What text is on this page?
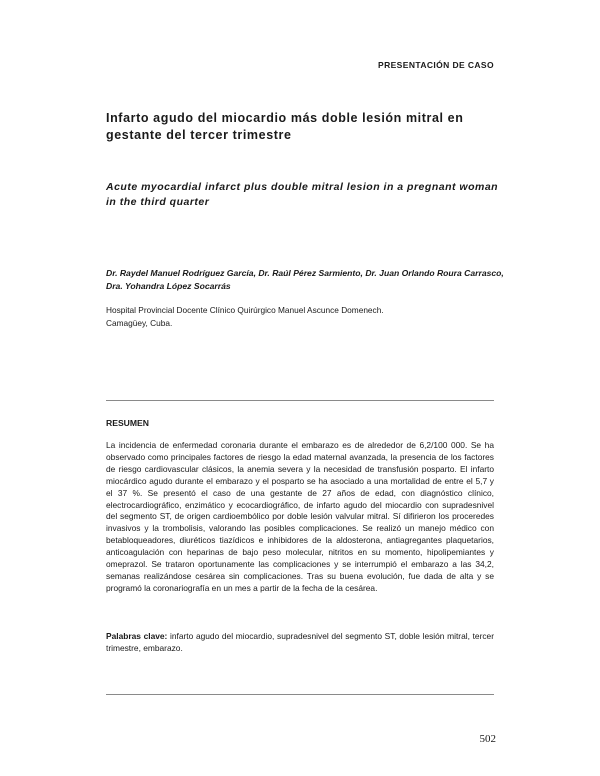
PRESENTACIÓN DE CASO
Infarto agudo del miocardio más doble lesión mitral en gestante del tercer trimestre
Acute myocardial infarct plus double mitral lesion in a pregnant woman in the third quarter
Dr. Raydel Manuel Rodríguez García, Dr. Raúl Pérez Sarmiento, Dr. Juan Orlando Roura Carrasco, Dra. Yohandra López Socarrás
Hospital Provincial Docente Clínico Quirúrgico Manuel Ascunce Domenech.
Camagüey, Cuba.
RESUMEN
La incidencia de enfermedad coronaria durante el embarazo es de alrededor de 6,2/100 000. Se ha observado como principales factores de riesgo la edad maternal avanzada, la presencia de los factores de riesgo cardiovascular clásicos, la anemia severa y la necesidad de transfusión posparto. El infarto miocárdico agudo durante el embarazo y el posparto se ha asociado a una mortalidad de entre el 5,7 y el 37 %. Se presentó el caso de una gestante de 27 años de edad, con diagnóstico clínico, electrocardiográfico, enzimático y ecocardiográfico, de infarto agudo del miocardio con supradesnivel del segmento ST, de origen cardioembólico por doble lesión valvular mitral. Sí difirieron los proceredes invasivos y la trombolisis, valorando las posibles complicaciones. Se realizó un manejo médico con betabloqueadores, diuréticos tiazídicos e inhibidores de la aldosterona, antiagregantes plaquetarios, anticoagulación con heparinas de bajo peso molecular, nitritos en su momento, hipolipemiantes y omeprazol. Se trataron oportunamente las complicaciones y se interrumpió el embarazo a las 34,2, semanas realizándose cesárea sin complicaciones. Tras su buena evolución, fue dada de alta y se programó la coronariografía en un mes a partir de la fecha de la cesárea.
Palabras clave: infarto agudo del miocardio, supradesnivel del segmento ST, doble lesión mitral, tercer trimestre, embarazo.
502
